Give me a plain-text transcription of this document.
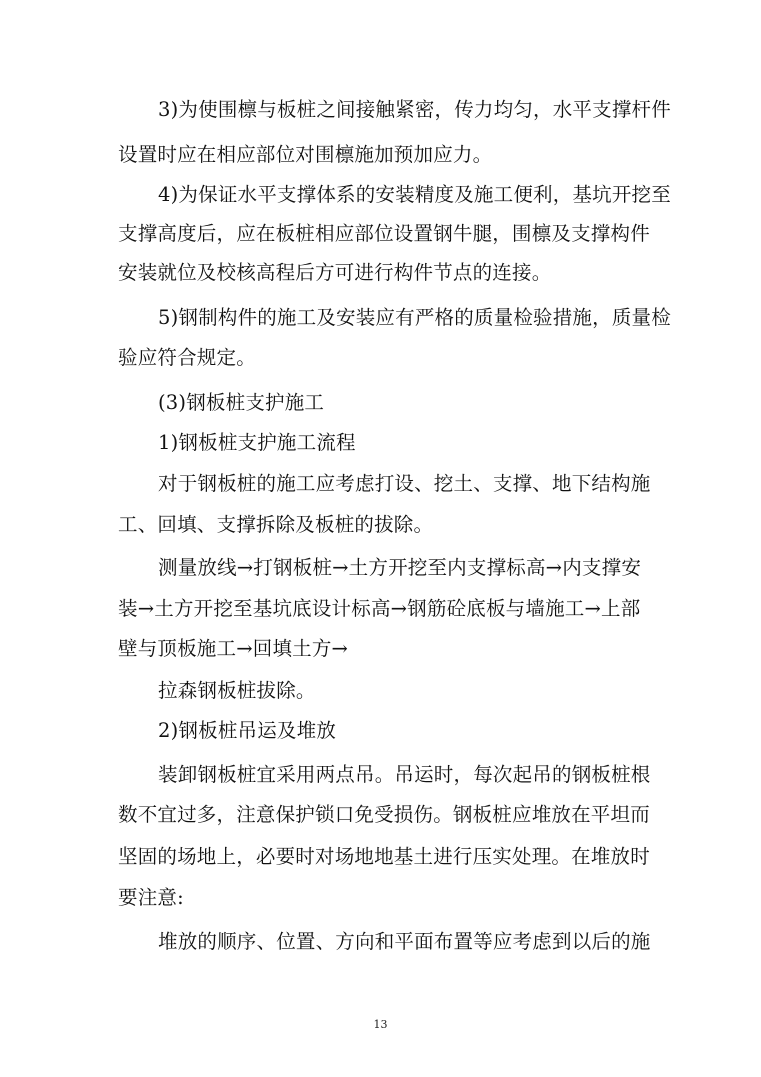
3)为使围檩与板桩之间接触紧密，传力均匀，水平支撑杆件
设置时应在相应部位对围檩施加预加应力。
4)为保证水平支撑体系的安装精度及施工便利，基坑开挖至
支撑高度后，应在板桩相应部位设置钢牛腿，围檩及支撑构件
安装就位及校核高程后方可进行构件节点的连接。
5)钢制构件的施工及安装应有严格的质量检验措施，质量检
验应符合规定。
(3)钢板桩支护施工
1)钢板桩支护施工流程
对于钢板桩的施工应考虑打设、挖土、支撑、地下结构施
工、回填、支撑拆除及板桩的拔除。
测量放线→打钢板桩→土方开挖至内支撑标高→内支撑安
装→土方开挖至基坑底设计标高→钢筋砼底板与墙施工→上部
壁与顶板施工→回填土方→
拉森钢板桩拔除。
2)钢板桩吊运及堆放
装卸钢板桩宜采用两点吊。吊运时，每次起吊的钢板桩根
数不宜过多，注意保护锁口免受损伤。钢板桩应堆放在平坦而
坚固的场地上，必要时对场地地基土进行压实处理。在堆放时
要注意:
堆放的顺序、位置、方向和平面布置等应考虑到以后的施
13
